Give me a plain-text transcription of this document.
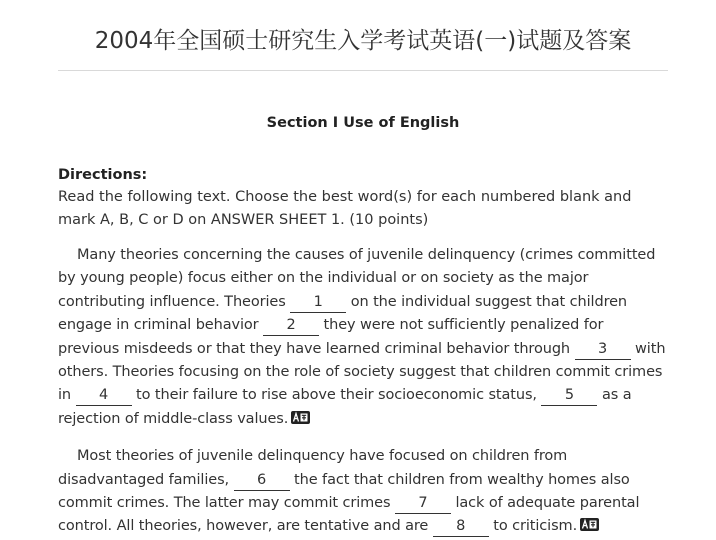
2004年全国硕士研究生入学考试英语(一)试题及答案
Section I Use of English
Directions:

Read the following text. Choose the best word(s) for each numbered blank and mark A, B, C or D on ANSWER SHEET 1. (10 points)

Many theories concerning the causes of juvenile delinquency (crimes committed by young people) focus either on the individual or on society as the major contributing influence. Theories 1 on the individual suggest that children engage in criminal behavior 2 they were not sufficiently penalized for previous misdeeds or that they have learned criminal behavior through 3 with others. Theories focusing on the role of society suggest that children commit crimes in 4 to their failure to rise above their socioeconomic status, 5 as a rejection of middle-class values.

Most theories of juvenile delinquency have focused on children from disadvantaged families, 6 the fact that children from wealthy homes also commit crimes. The latter may commit crimes 7 lack of adequate parental control. All theories, however, are tentative and are 8 to criticism.
